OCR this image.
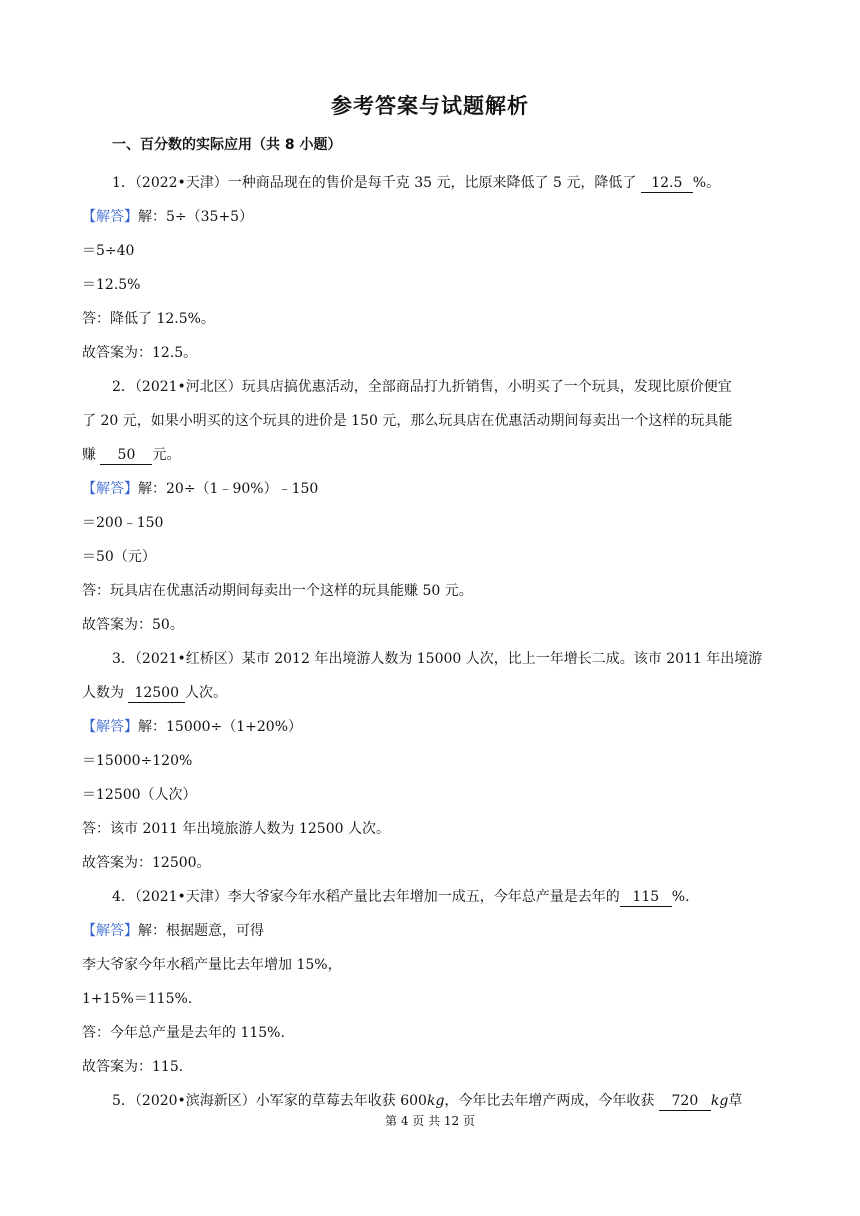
参考答案与试题解析
一、百分数的实际应用（共 8 小题）
1．（2022•天津）一种商品现在的售价是每千克 35 元，比原来降低了 5 元，降低了 12.5 %。
【解答】解：5÷（35+5）
＝5÷40
＝12.5%
答：降低了 12.5%。
故答案为：12.5。
2．（2021•河北区）玩具店搞优惠活动，全部商品打九折销售，小明买了一个玩具，发现比原价便宜
了 20 元，如果小明买的这个玩具的进价是 150 元，那么玩具店在优惠活动期间每卖出一个这样的玩具能
赚 50 元。
【解答】解：20÷（1﹣90%）﹣150
＝200﹣150
＝50（元）
答：玩具店在优惠活动期间每卖出一个这样的玩具能赚 50 元。
故答案为：50。
3．（2021•红桥区）某市 2012 年出境游人数为 15000 人次，比上一年增长二成。该市 2011 年出境游
人数为 12500 人次。
【解答】解：15000÷（1+20%）
＝15000÷120%
＝12500（人次）
答：该市 2011 年出境旅游人数为 12500 人次。
故答案为：12500。
4．（2021•天津）李大爷家今年水稻产量比去年增加一成五，今年总产量是去年的 115 %.
【解答】解：根据题意，可得
李大爷家今年水稻产量比去年增加 15%，
1+15%＝115%.
答：今年总产量是去年的 115%.
故答案为：115.
5．（2020•滨海新区）小军家的草莓去年收获 600kg，今年比去年增产两成，今年收获 720 kg草
第 4 页 共 12 页
